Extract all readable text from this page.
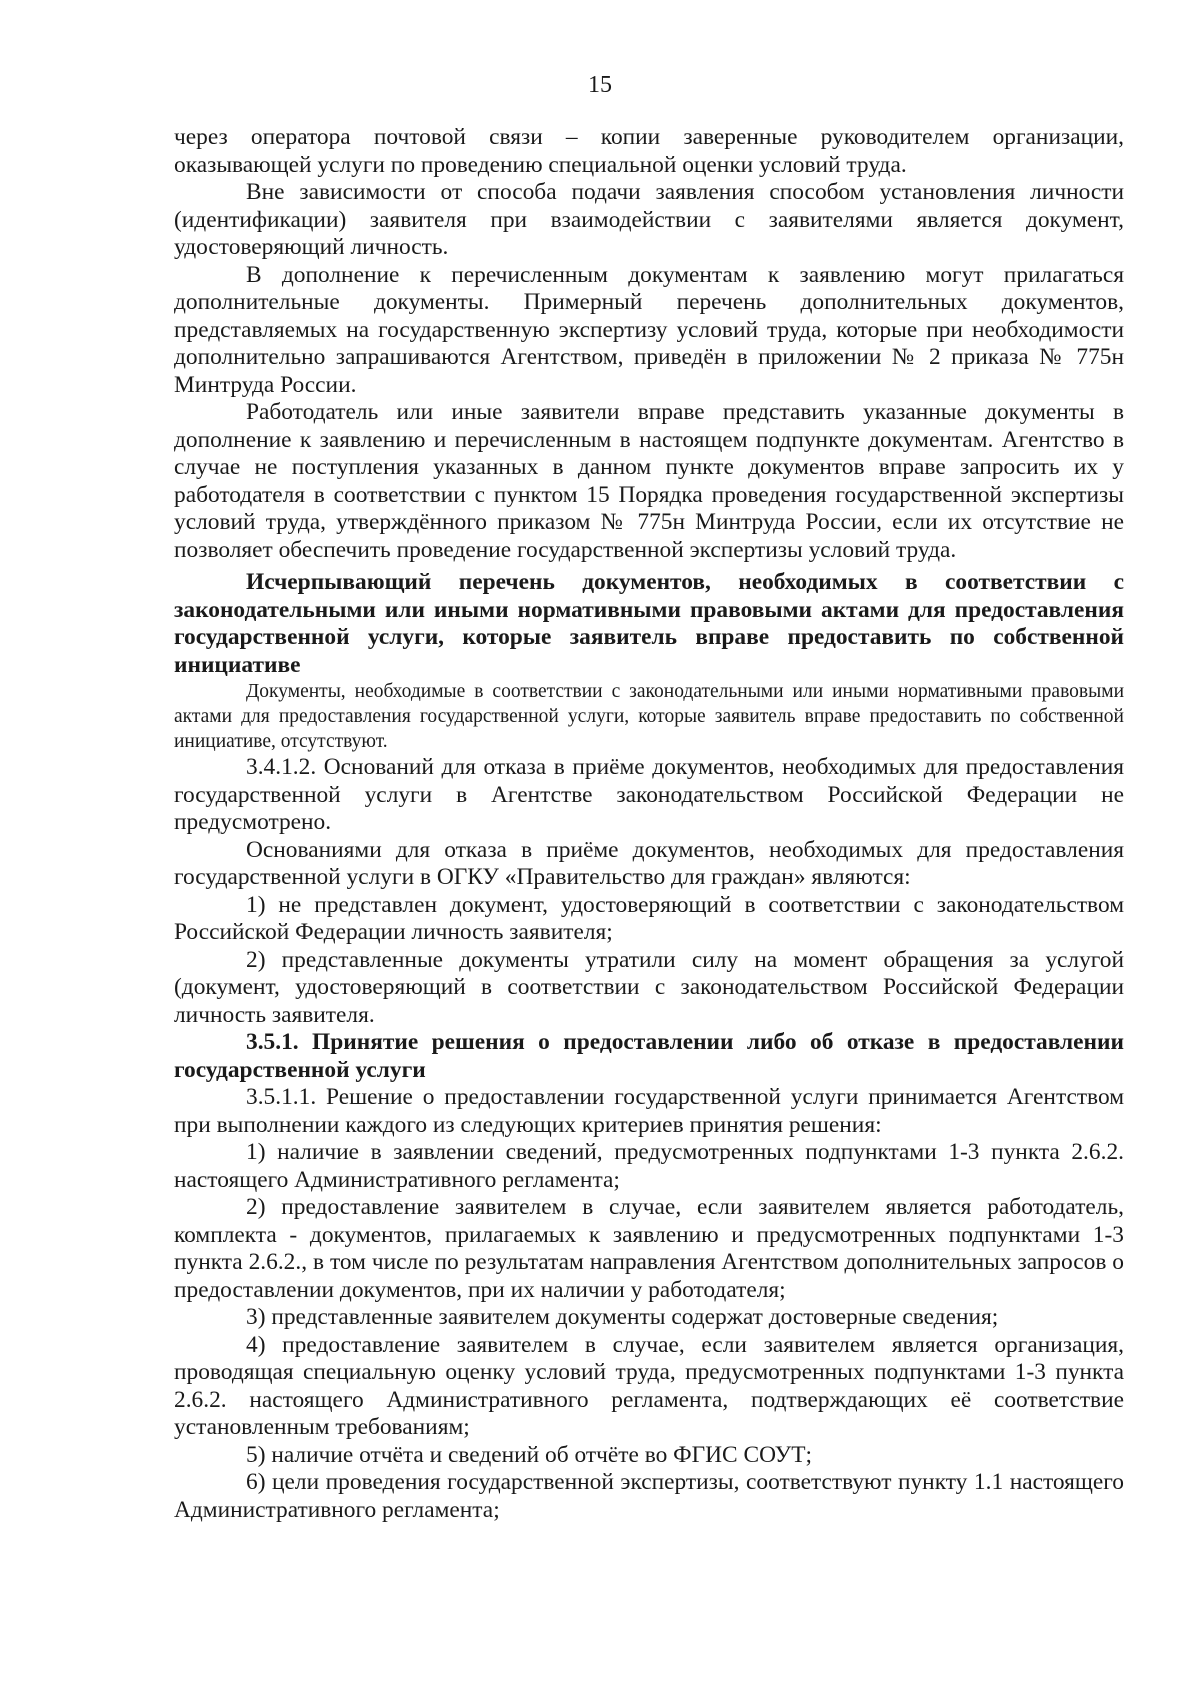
15

через оператора почтовой связи – копии заверенные руководителем организации, оказывающей услуги по проведению специальной оценки условий труда.

Вне зависимости от способа подачи заявления способом установления личности (идентификации) заявителя при взаимодействии с заявителями является документ, удостоверяющий личность.

В дополнение к перечисленным документам к заявлению могут прилагаться дополнительные документы. Примерный перечень дополнительных документов, представляемых на государственную экспертизу условий труда, которые при необходимости дополнительно запрашиваются Агентством, приведён в приложении № 2 приказа № 775н Минтруда России.

Работодатель или иные заявители вправе представить указанные документы в дополнение к заявлению и перечисленным в настоящем подпункте документам. Агентство в случае не поступления указанных в данном пункте документов вправе запросить их у работодателя в соответствии с пунктом 15 Порядка проведения государственной экспертизы условий труда, утверждённого приказом № 775н Минтруда России, если их отсутствие не позволяет обеспечить проведение государственной экспертизы условий труда.

Исчерпывающий перечень документов, необходимых в соответствии с законодательными или иными нормативными правовыми актами для предоставления государственной услуги, которые заявитель вправе предоставить по собственной инициативе

Документы, необходимые в соответствии с законодательными или иными нормативными правовыми актами для предоставления государственной услуги, которые заявитель вправе предоставить по собственной инициативе, отсутствуют.

3.4.1.2. Оснований для отказа в приёме документов, необходимых для предоставления государственной услуги в Агентстве законодательством Российской Федерации не предусмотрено.

Основаниями для отказа в приёме документов, необходимых для предоставления государственной услуги в ОГКУ «Правительство для граждан» являются:

1) не представлен документ, удостоверяющий в соответствии с законодательством Российской Федерации личность заявителя;

2) представленные документы утратили силу на момент обращения за услугой (документ, удостоверяющий в соответствии с законодательством Российской Федерации личность заявителя.

3.5.1. Принятие решения о предоставлении либо об отказе в предоставлении государственной услуги

3.5.1.1. Решение о предоставлении государственной услуги принимается Агентством при выполнении каждого из следующих критериев принятия решения:

1) наличие в заявлении сведений, предусмотренных подпунктами 1-3 пункта 2.6.2. настоящего Административного регламента;

2) предоставление заявителем в случае, если заявителем является работодатель, комплекта - документов, прилагаемых к заявлению и предусмотренных подпунктами 1-3 пункта 2.6.2., в том числе по результатам направления Агентством дополнительных запросов о предоставлении документов, при их наличии у работодателя;

3) представленные заявителем документы содержат достоверные сведения;

4) предоставление заявителем в случае, если заявителем является организация, проводящая специальную оценку условий труда, предусмотренных подпунктами 1-3 пункта 2.6.2. настоящего Административного регламента, подтверждающих её соответствие установленным требованиям;

5) наличие отчёта и сведений об отчёте во ФГИС СОУТ;

6) цели проведения государственной экспертизы, соответствуют пункту 1.1 настоящего Административного регламента;
